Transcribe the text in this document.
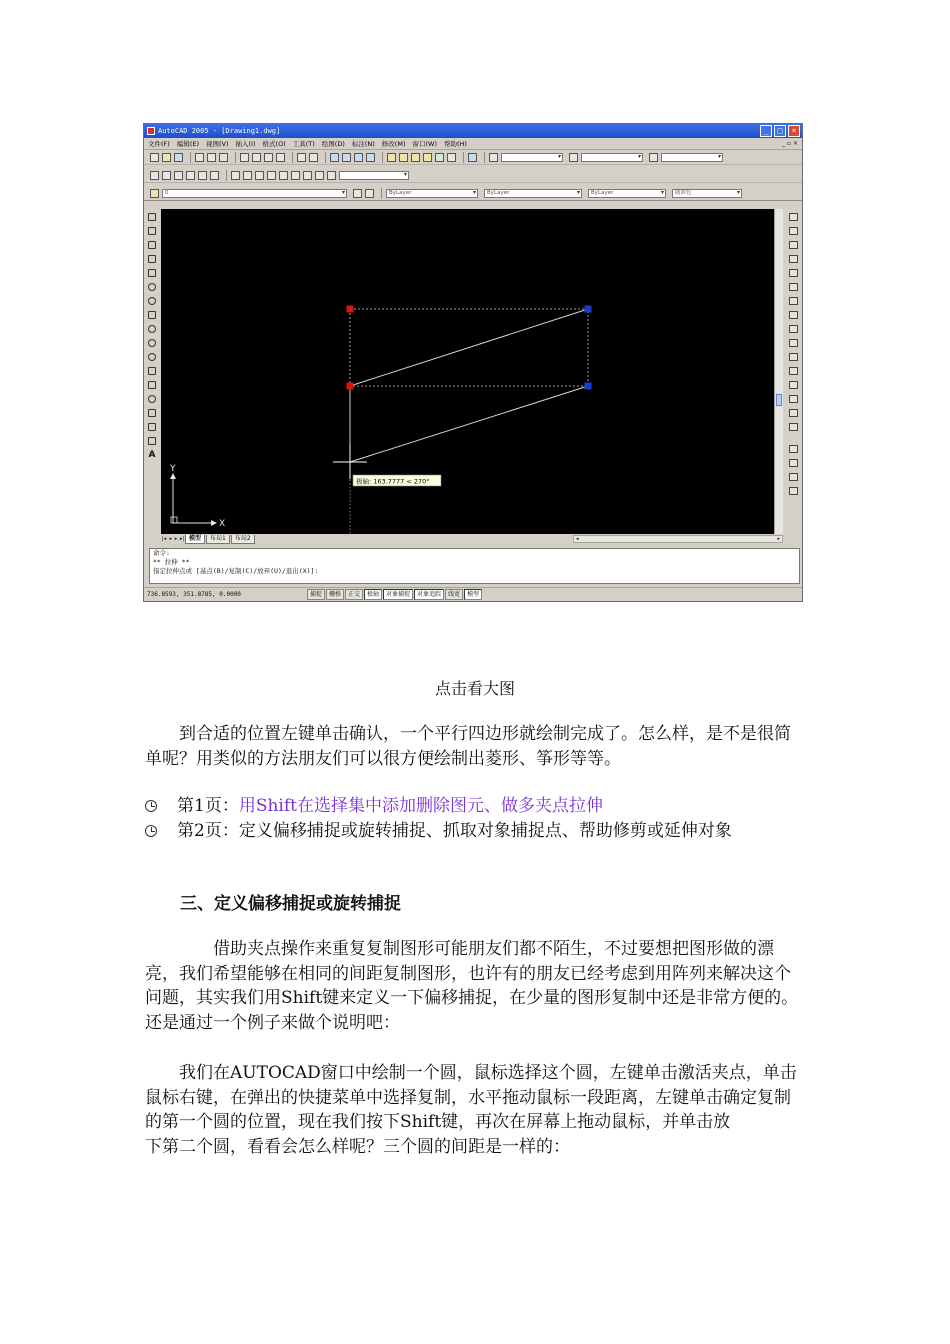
AutoCAD 2005 - [Drawing1.dwg]	_	□	×
文件(F) 编辑(E) 视图(V) 插入(I) 格式(O) 工具(T) 绘图(D) 标注(N) 修改(M) 窗口(W) 帮助(H)	_ ▫ ×
▾
▾
▾
▾
0 ▾	ByLayer ▾	ByLayer ▾	ByLayer ▾	随颜色 ▾
A
极轴: 163.7777 < 270°
X
Y
|◂ ◂ ▸ ▸| 模型	布局1	布局2	◂	▸
命令:
** 拉伸 **
指定拉伸点或 [基点(B)/复制(C)/放弃(U)/退出(X)]:
736.8593, 351.8785, 0.0000	捕捉	栅格	正交	极轴	对象捕捉	对象追踪	线宽	模型
点击看大图
到合适的位置左键单击确认，一个平行四边形就绘制完成了。怎么样，是不是很简单呢？用类似的方法朋友们可以很方便绘制出菱形、筝形等等。
第1页：用Shift在选择集中添加删除图元、做多夹点拉伸
第2页：定义偏移捕捉或旋转捕捉、抓取对象捕捉点、帮助修剪或延伸对象
三、定义偏移捕捉或旋转捕捉
借助夹点操作来重复复制图形可能朋友们都不陌生，不过要想把图形做的漂亮，我们希望能够在相同的间距复制图形，也许有的朋友已经考虑到用阵列来解决这个问题，其实我们用Shift键来定义一下偏移捕捉，在少量的图形复制中还是非常方便的。还是通过一个例子来做个说明吧：
我们在AUTOCAD窗口中绘制一个圆，鼠标选择这个圆，左键单击激活夹点，单击鼠标右键，在弹出的快捷菜单中选择复制，水平拖动鼠标一段距离，左键单击确定复制的第一个圆的位置，现在我们按下Shift键，再次在屏幕上拖动鼠标，并单击放下第二个圆，看看会怎么样呢？三个圆的间距是一样的：
